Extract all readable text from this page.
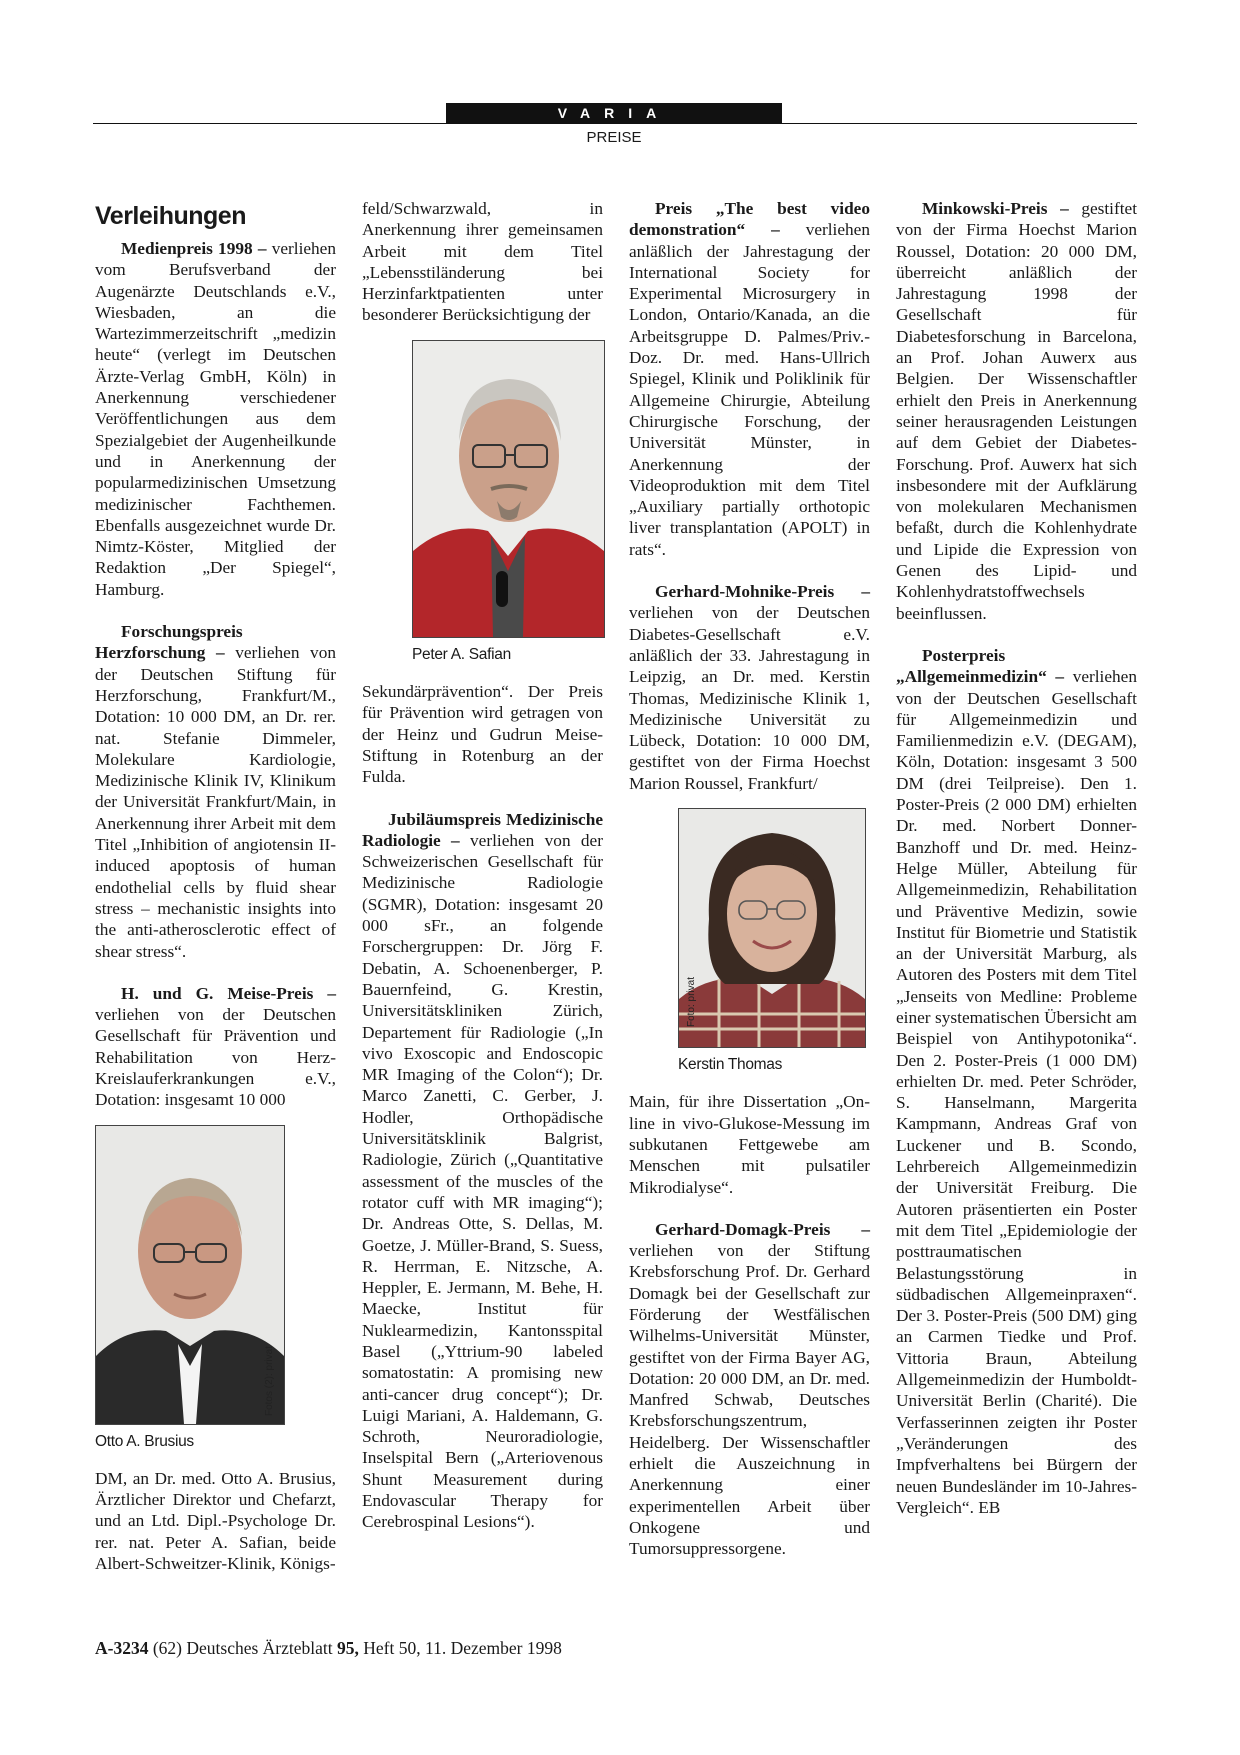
VARIA
PREISE
Verleihungen

Medienpreis 1998 – verliehen vom Berufsverband der Augenärzte Deutschlands e.V., Wiesbaden, an die Wartezimmerzeitschrift „medizin heute“ (verlegt im Deutschen Ärzte-Verlag GmbH, Köln) in Anerkennung verschiedener Veröffentlichungen aus dem Spezialgebiet der Augenheilkunde und in Anerkennung der popularmedizinischen Umsetzung medizinischer Fachthemen. Ebenfalls ausgezeichnet wurde Dr. Nimtz-Köster, Mitglied der Redaktion „Der Spiegel“, Hamburg.

Forschungspreis Herzforschung – verliehen von der Deutschen Stiftung für Herzforschung, Frankfurt/M., Dotation: 10 000 DM, an Dr. rer. nat. Stefanie Dimmeler, Molekulare Kardiologie, Medizinische Klinik IV, Klinikum der Universität Frankfurt/Main, in Anerkennung ihrer Arbeit mit dem Titel „Inhibition of angiotensin II-induced apoptosis of human endothelial cells by fluid shear stress – mechanistic insights into the anti-atherosclerotic effect of shear stress“.

H. und G. Meise-Preis – verliehen von der Deutschen Gesellschaft für Prävention und Rehabilitation von Herz-Kreislauferkrankungen e.V., Dotation: insgesamt 10 000

Fotos (2): privat
Otto A. Brusius

DM, an Dr. med. Otto A. Brusius, Ärztlicher Direktor und Chefarzt, und an Ltd. Dipl.-Psychologe Dr. rer. nat. Peter A. Safian, beide Albert-Schweitzer-Klinik, Königs-

feld/Schwarzwald, in Anerkennung ihrer gemeinsamen Arbeit mit dem Titel „Lebensstiländerung bei Herzinfarktpatienten unter besonderer Berücksichtigung der

Peter A. Safian

Sekundärprävention“. Der Preis für Prävention wird getragen von der Heinz und Gudrun Meise-Stiftung in Rotenburg an der Fulda.

Jubiläumspreis Medizinische Radiologie – verliehen von der Schweizerischen Gesellschaft für Medizinische Radiologie (SGMR), Dotation: insgesamt 20 000 sFr., an folgende Forschergruppen: Dr. Jörg F. Debatin, A. Schoenenberger, P. Bauernfeind, G. Krestin, Universitätskliniken Zürich, Departement für Radiologie („In vivo Exoscopic and Endoscopic MR Imaging of the Colon“); Dr. Marco Zanetti, C. Gerber, J. Hodler, Orthopädische Universitätsklinik Balgrist, Radiologie, Zürich („Quantitative assessment of the muscles of the rotator cuff with MR imaging“); Dr. Andreas Otte, S. Dellas, M. Goetze, J. Müller-Brand, S. Suess, R. Herrman, E. Nitzsche, A. Heppler, E. Jermann, M. Behe, H. Maecke, Institut für Nuklearmedizin, Kantonsspital Basel („Yttrium-90 labeled somatostatin: A promising new anti-cancer drug concept“); Dr. Luigi Mariani, A. Haldemann, G. Schroth, Neuroradiologie, Inselspital Bern („Arteriovenous Shunt Measurement during Endovascular Therapy for Cerebrospinal Lesions“).

Preis „The best video demonstration“ – verliehen anläßlich der Jahrestagung der International Society for Experimental Microsurgery in London, Ontario/Kanada, an die Arbeitsgruppe D. Palmes/Priv.-Doz. Dr. med. Hans-Ullrich Spiegel, Klinik und Poliklinik für Allgemeine Chirurgie, Abteilung Chirurgische Forschung, der Universität Münster, in Anerkennung der Videoproduktion mit dem Titel „Auxiliary partially orthotopic liver transplantation (APOLT) in rats“.

Gerhard-Mohnike-Preis – verliehen von der Deutschen Diabetes-Gesellschaft e.V. anläßlich der 33. Jahrestagung in Leipzig, an Dr. med. Kerstin Thomas, Medizinische Klinik 1, Medizinische Universität zu Lübeck, Dotation: 10 000 DM, gestiftet von der Firma Hoechst Marion Roussel, Frankfurt/

Foto: privat
Kerstin Thomas

Main, für ihre Dissertation „On-line in vivo-Glukose-Messung im subkutanen Fettgewebe am Menschen mit pulsatiler Mikrodialyse“.

Gerhard-Domagk-Preis – verliehen von der Stiftung Krebsforschung Prof. Dr. Gerhard Domagk bei der Gesellschaft zur Förderung der Westfälischen Wilhelms-Universität Münster, gestiftet von der Firma Bayer AG, Dotation: 20 000 DM, an Dr. med. Manfred Schwab, Deutsches Krebsforschungszentrum, Heidelberg. Der Wissenschaftler erhielt die Auszeichnung in Anerkennung einer experimentellen Arbeit über Onkogene und Tumorsuppressorgene.

Minkowski-Preis – gestiftet von der Firma Hoechst Marion Roussel, Dotation: 20 000 DM, überreicht anläßlich der Jahrestagung 1998 der Gesellschaft für Diabetesforschung in Barcelona, an Prof. Johan Auwerx aus Belgien. Der Wissenschaftler erhielt den Preis in Anerkennung seiner herausragenden Leistungen auf dem Gebiet der Diabetes-Forschung. Prof. Auwerx hat sich insbesondere mit der Aufklärung von molekularen Mechanismen befaßt, durch die Kohlenhydrate und Lipide die Expression von Genen des Lipid- und Kohlenhydratstoffwechsels beeinflussen.

Posterpreis „Allgemeinmedizin“ – verliehen von der Deutschen Gesellschaft für Allgemeinmedizin und Familienmedizin e.V. (DEGAM), Köln, Dotation: insgesamt 3 500 DM (drei Teilpreise). Den 1. Poster-Preis (2 000 DM) erhielten Dr. med. Norbert Donner-Banzhoff und Dr. med. Heinz-Helge Müller, Abteilung für Allgemeinmedizin, Rehabilitation und Präventive Medizin, sowie Institut für Biometrie und Statistik an der Universität Marburg, als Autoren des Posters mit dem Titel „Jenseits von Medline: Probleme einer systematischen Übersicht am Beispiel von Antihypotonika“. Den 2. Poster-Preis (1 000 DM) erhielten Dr. med. Peter Schröder, S. Hanselmann, Margerita Kampmann, Andreas Graf von Luckener und B. Scondo, Lehrbereich Allgemeinmedizin der Universität Freiburg. Die Autoren präsentierten ein Poster mit dem Titel „Epidemiologie der posttraumatischen Belastungsstörung in südbadischen Allgemeinpraxen“. Der 3. Poster-Preis (500 DM) ging an Carmen Tiedke und Prof. Vittoria Braun, Abteilung Allgemeinmedizin der Humboldt-Universität Berlin (Charité). Die Verfasserinnen zeigten ihr Poster „Veränderungen des Impfverhaltens bei Bürgern der neuen Bundesländer im 10-Jahres-Vergleich“. EB

A-3234 (62) Deutsches Ärzteblatt 95, Heft 50, 11. Dezember 1998
